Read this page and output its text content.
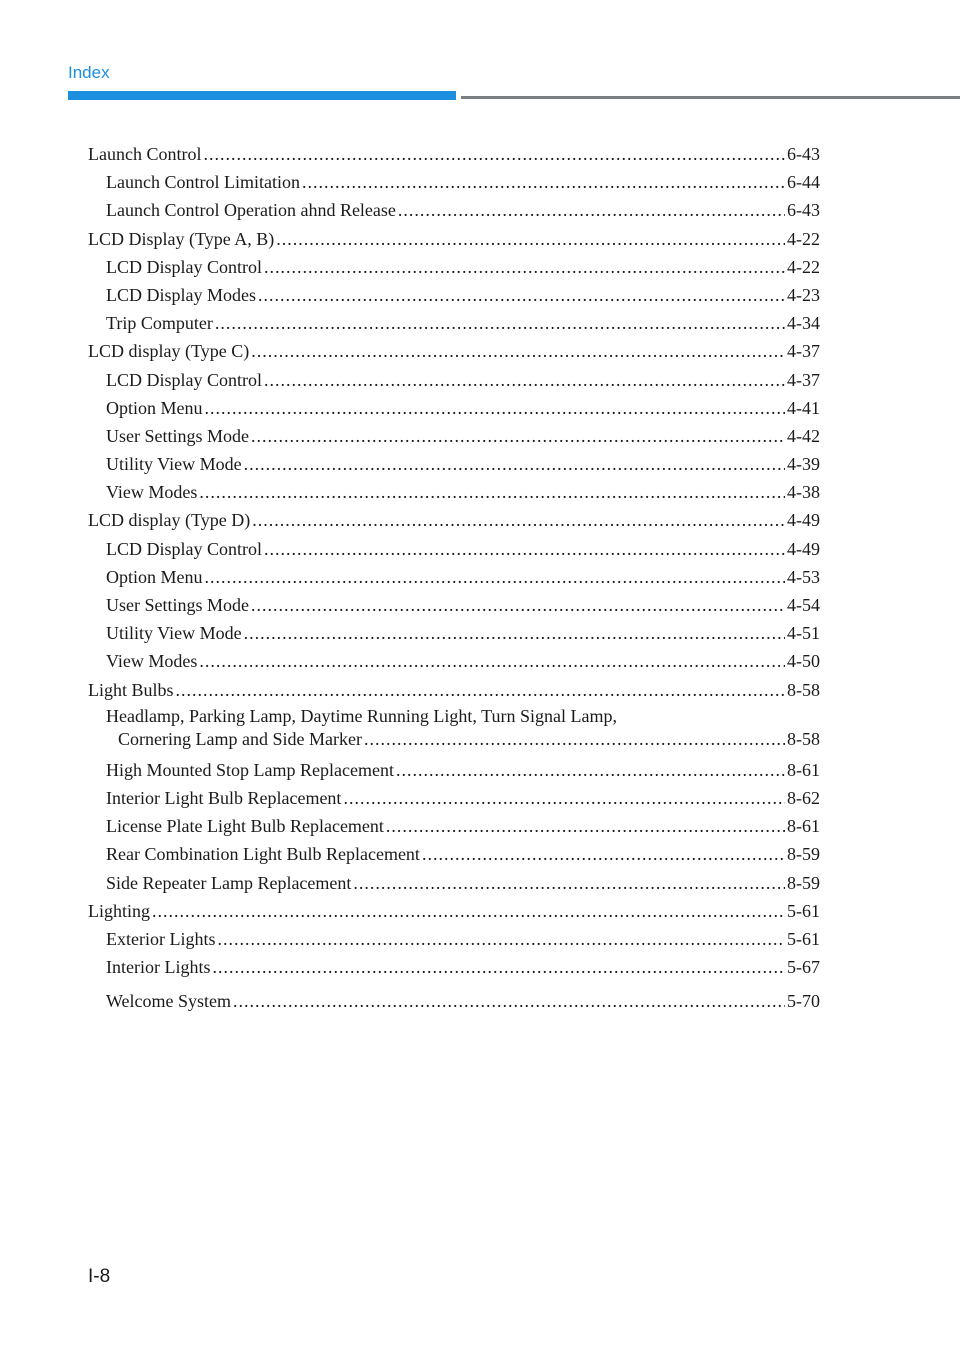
Index
Launch Control .....	6-43
Launch Control Limitation .....	6-44
Launch Control Operation ahnd Release .....	6-43
LCD Display (Type A, B) .....	4-22
LCD Display Control .....	4-22
LCD Display Modes .....	4-23
Trip Computer .....	4-34
LCD display (Type C) .....	4-37
LCD Display Control .....	4-37
Option Menu .....	4-41
User Settings Mode .....	4-42
Utility View Mode .....	4-39
View Modes .....	4-38
LCD display (Type D) .....	4-49
LCD Display Control .....	4-49
Option Menu .....	4-53
User Settings Mode .....	4-54
Utility View Mode .....	4-51
View Modes .....	4-50
Light Bulbs .....	8-58
Headlamp, Parking Lamp, Daytime Running Light, Turn Signal Lamp,
Cornering Lamp and Side Marker .....	8-58
High Mounted Stop Lamp Replacement .....	8-61
Interior Light Bulb Replacement .....	8-62
License Plate Light Bulb Replacement .....	8-61
Rear Combination Light Bulb Replacement .....	8-59
Side Repeater Lamp Replacement .....	8-59
Lighting .....	5-61
Exterior Lights .....	5-61
Interior Lights .....	5-67
Welcome System .....	5-70
I-8
